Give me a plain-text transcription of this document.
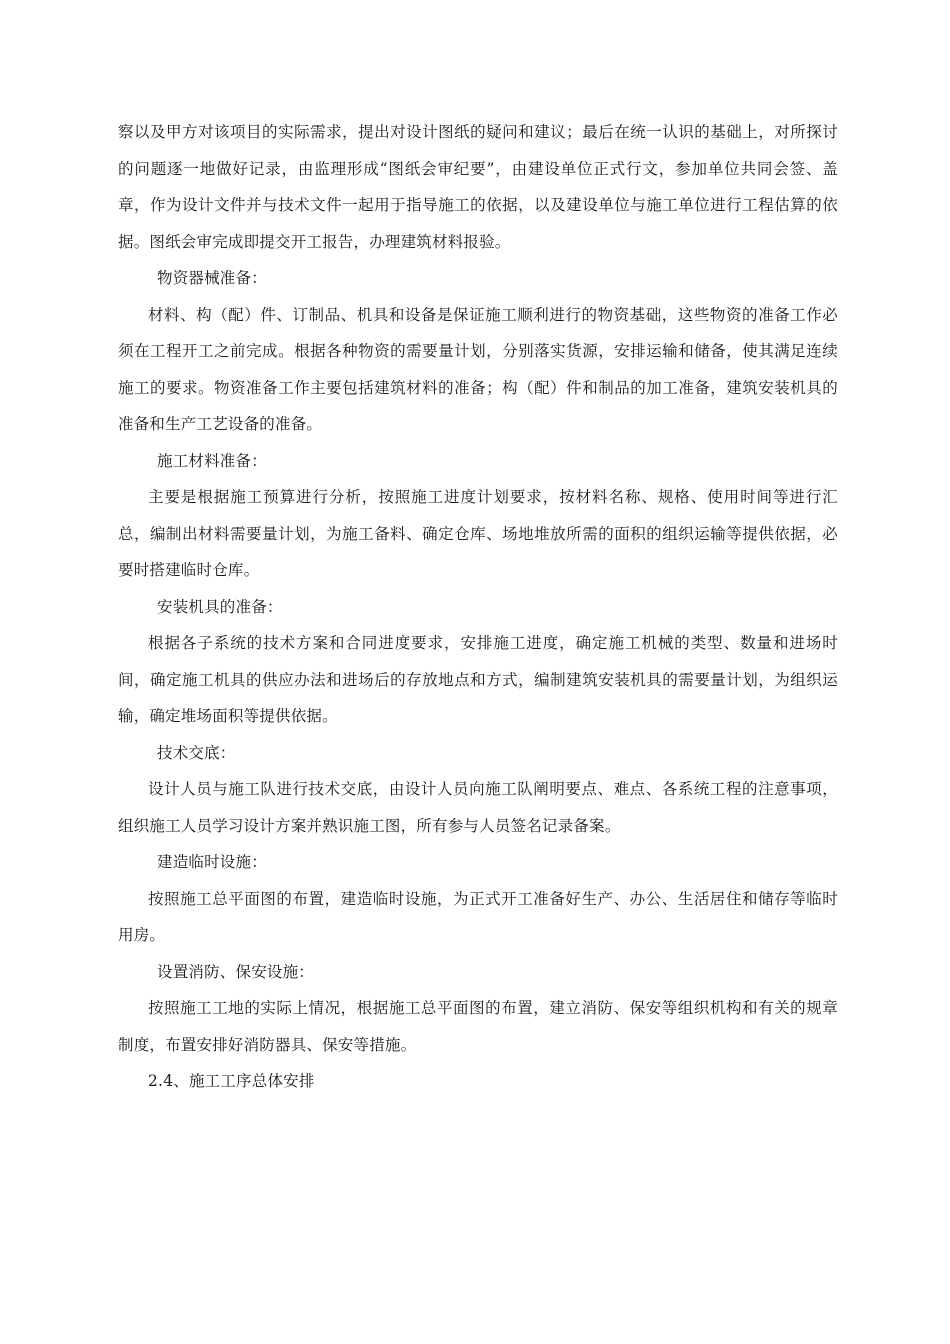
察以及甲方对该项目的实际需求，提出对设计图纸的疑问和建议；最后在统一认识的基础上，对所探讨的问题逐一地做好记录，由监理形成“图纸会审纪要”，由建设单位正式行文，参加单位共同会签、盖章，作为设计文件并与技术文件一起用于指导施工的依据，以及建设单位与施工单位进行工程估算的依据。图纸会审完成即提交开工报告，办理建筑材料报验。

物资器械准备：

材料、构（配）件、订制品、机具和设备是保证施工顺利进行的物资基础，这些物资的准备工作必须在工程开工之前完成。根据各种物资的需要量计划，分别落实货源，安排运输和储备，使其满足连续施工的要求。物资准备工作主要包括建筑材料的准备；构（配）件和制品的加工准备，建筑安装机具的准备和生产工艺设备的准备。

施工材料准备：

主要是根据施工预算进行分析，按照施工进度计划要求，按材料名称、规格、使用时间等进行汇总，编制出材料需要量计划，为施工备料、确定仓库、场地堆放所需的面积的组织运输等提供依据，必要时搭建临时仓库。

安装机具的准备：

根据各子系统的技术方案和合同进度要求，安排施工进度，确定施工机械的类型、数量和进场时间，确定施工机具的供应办法和进场后的存放地点和方式，编制建筑安装机具的需要量计划，为组织运输，确定堆场面积等提供依据。

技术交底：

设计人员与施工队进行技术交底，由设计人员向施工队阐明要点、难点、各系统工程的注意事项，组织施工人员学习设计方案并熟识施工图，所有参与人员签名记录备案。

建造临时设施：

按照施工总平面图的布置，建造临时设施，为正式开工准备好生产、办公、生活居住和储存等临时用房。

设置消防、保安设施：

按照施工工地的实际上情况，根据施工总平面图的布置，建立消防、保安等组织机构和有关的规章制度，布置安排好消防器具、保安等措施。

2.4、施工工序总体安排
